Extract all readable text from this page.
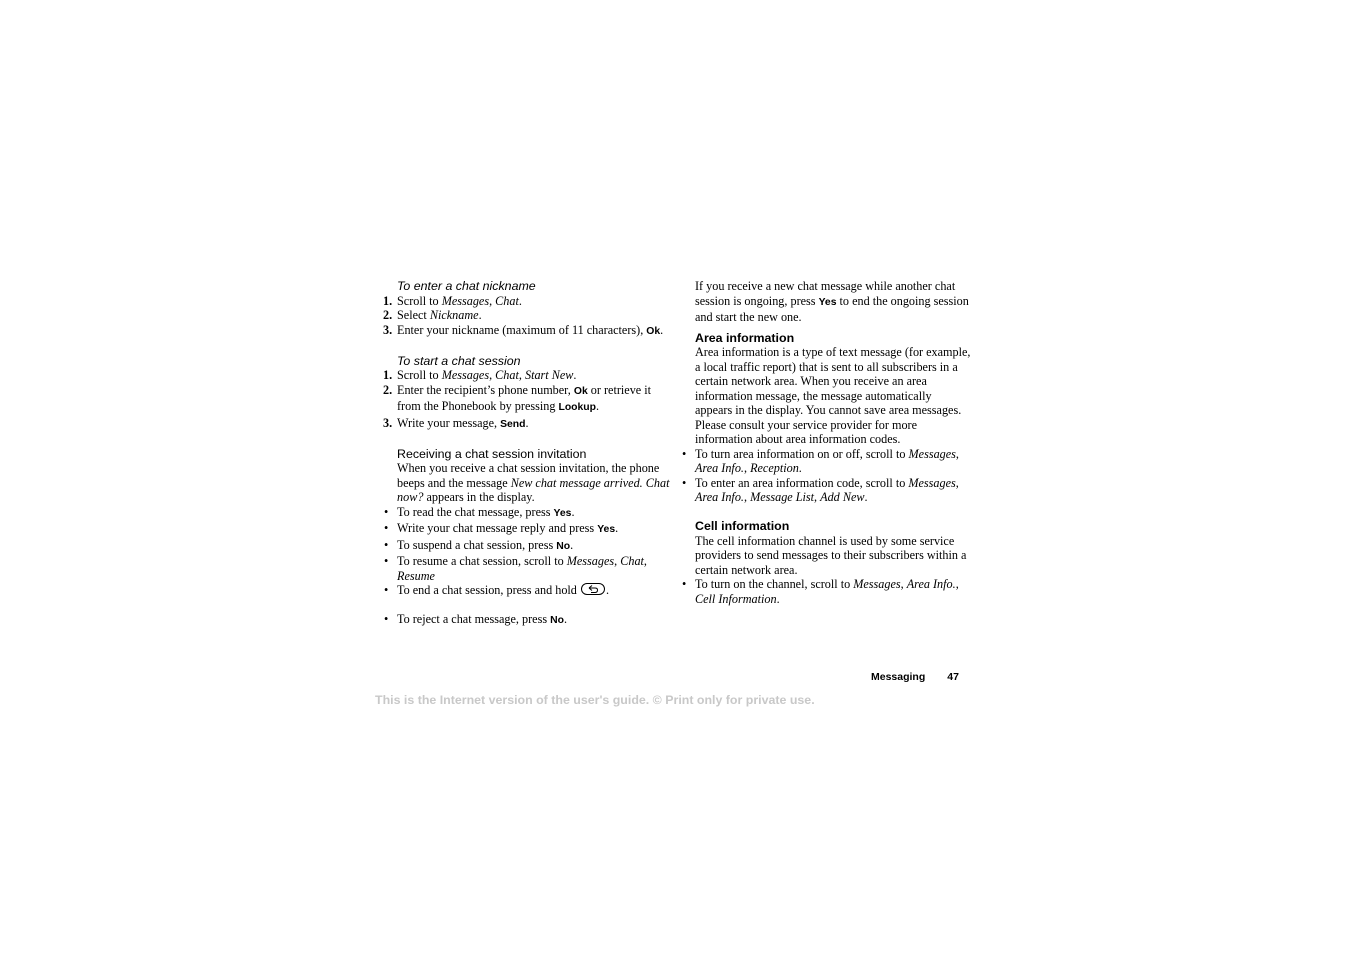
To enter a chat nickname
1. Scroll to Messages, Chat.
2. Select Nickname.
3. Enter your nickname (maximum of 11 characters), Ok.
To start a chat session
1. Scroll to Messages, Chat, Start New.
2. Enter the recipient’s phone number, Ok or retrieve it from the Phonebook by pressing Lookup.
3. Write your message, Send.
Receiving a chat session invitation
When you receive a chat session invitation, the phone beeps and the message New chat message arrived. Chat now? appears in the display.
• To read the chat message, press Yes.
• Write your chat message reply and press Yes.
• To suspend a chat session, press No.
• To resume a chat session, scroll to Messages, Chat, Resume
• To end a chat session, press and hold
.
• To reject a chat message, press No.
If you receive a new chat message while another chat session is ongoing, press Yes to end the ongoing session and start the new one.
Area information
Area information is a type of text message (for example, a local traffic report) that is sent to all subscribers in a certain network area. When you receive an area information message, the message automatically appears in the display. You cannot save area messages. Please consult your service provider for more information about area information codes.
• To turn area information on or off, scroll to Messages, Area Info., Reception.
• To enter an area information code, scroll to Messages, Area Info., Message List, Add New.
Cell information
The cell information channel is used by some service providers to send messages to their subscribers within a certain network area.
• To turn on the channel, scroll to Messages, Area Info., Cell Information.
Messaging 47
This is the Internet version of the user's guide. © Print only for private use.
